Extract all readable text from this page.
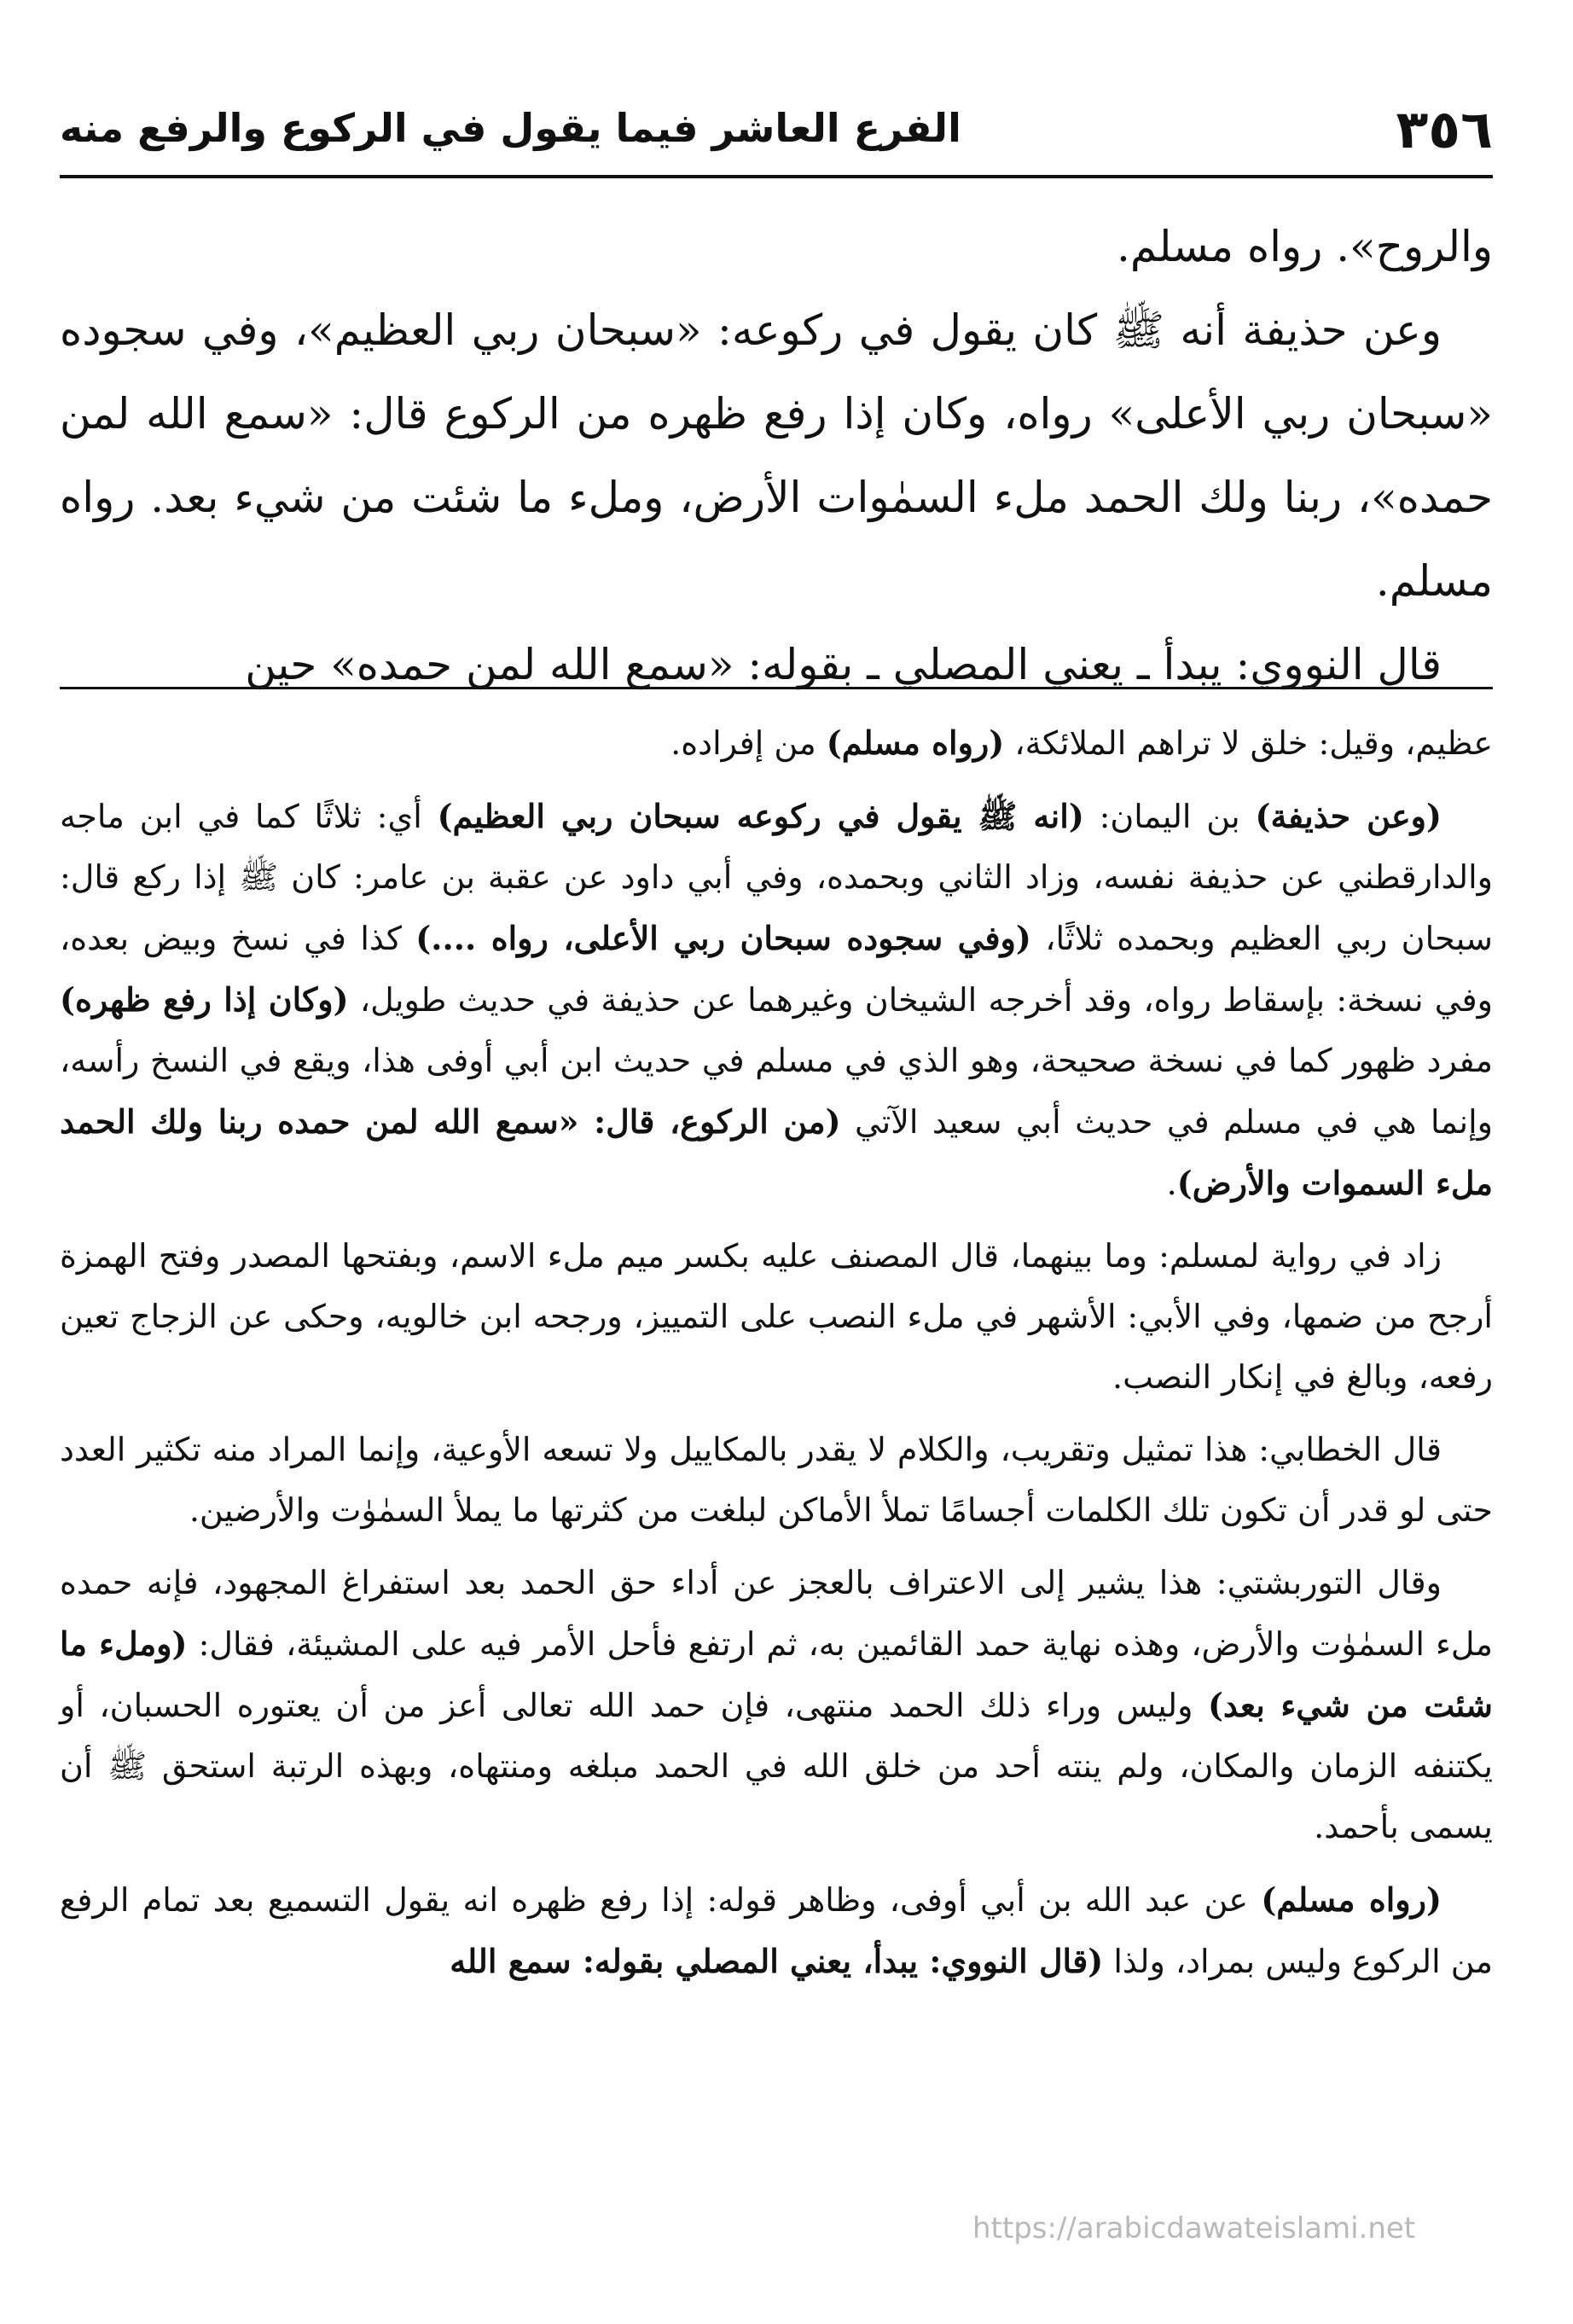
٣٥٦
الفرع العاشر فيما يقول في الركوع والرفع منه

والروح». رواه مسلم.

وعن حذيفة أنه ﷺ كان يقول في ركوعه: «سبحان ربي العظيم»، وفي سجوده «سبحان ربي الأعلى» رواه، وكان إذا رفع ظهره من الركوع قال: «سمع الله لمن حمده»، ربنا ولك الحمد ملء السمٰوات الأرض، وملء ما شئت من شيء بعد. رواه مسلم.

قال النووي: يبدأ ـ يعني المصلي ـ بقوله: «سمع الله لمن حمده» حين

عظيم، وقيل: خلق لا تراهم الملائكة، (رواه مسلم) من إفراده.

(وعن حذيفة) بن اليمان: (انه ﷺ يقول في ركوعه سبحان ربي العظيم) أي: ثلاثًا كما في ابن ماجه والدارقطني عن حذيفة نفسه، وزاد الثاني وبحمده، وفي أبي داود عن عقبة بن عامر: كان ﷺ إذا ركع قال: سبحان ربي العظيم وبحمده ثلاثًا، (وفي سجوده سبحان ربي الأعلى، رواه ....) كذا في نسخ وبيض بعده، وفي نسخة: بإسقاط رواه، وقد أخرجه الشيخان وغيرهما عن حذيفة في حديث طويل، (وكان إذا رفع ظهره) مفرد ظهور كما في نسخة صحيحة، وهو الذي في مسلم في حديث ابن أبي أوفى هذا، ويقع في النسخ رأسه، وإنما هي في مسلم في حديث أبي سعيد الآتي (من الركوع، قال: «سمع الله لمن حمده ربنا ولك الحمد ملء السموات والأرض).

زاد في رواية لمسلم: وما بينهما، قال المصنف عليه بكسر ميم ملء الاسم، وبفتحها المصدر وفتح الهمزة أرجح من ضمها، وفي الأبي: الأشهر في ملء النصب على التمييز، ورجحه ابن خالويه، وحكى عن الزجاج تعين رفعه، وبالغ في إنكار النصب.

قال الخطابي: هذا تمثيل وتقريب، والكلام لا يقدر بالمكاييل ولا تسعه الأوعية، وإنما المراد منه تكثير العدد حتى لو قدر أن تكون تلك الكلمات أجسامًا تملأ الأماكن لبلغت من كثرتها ما يملأ السمٰوٰت والأرضين.

وقال التوربشتي: هذا يشير إلى الاعتراف بالعجز عن أداء حق الحمد بعد استفراغ المجهود، فإنه حمده ملء السمٰوٰت والأرض، وهذه نهاية حمد القائمين به، ثم ارتفع فأحل الأمر فيه على المشيئة، فقال: (وملء ما شئت من شيء بعد) وليس وراء ذلك الحمد منتهى، فإن حمد الله تعالى أعز من أن يعتوره الحسبان، أو يكتنفه الزمان والمكان، ولم ينته أحد من خلق الله في الحمد مبلغه ومنتهاه، وبهذه الرتبة استحق ﷺ أن يسمى بأحمد.

(رواه مسلم) عن عبد الله بن أبي أوفى، وظاهر قوله: إذا رفع ظهره انه يقول التسميع بعد تمام الرفع من الركوع وليس بمراد، ولذا (قال النووي: يبدأ، يعني المصلي بقوله: سمع الله

https://arabicdawateislami.net
